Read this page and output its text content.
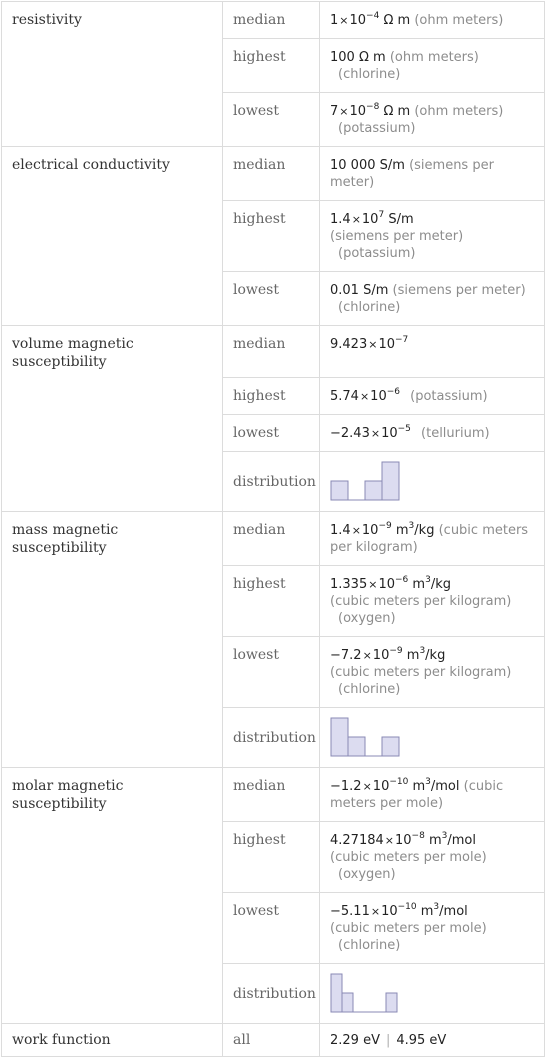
resistivity	median	$1\times 10^{-4}$ Ω m (ohm meters)
	highest	100 Ω m (ohm meters)
(chlorine)
	lowest	$7\times 10^{-8}$ Ω m (ohm meters)
(potassium)
electrical conductivity	median	10 000 S/m (siemens per meter)
	highest	$1.4\times 10^7$ S/m
(siemens per meter)
(potassium)
	lowest	0.01 S/m (siemens per meter)
(chlorine)
volume magnetic susceptibility	median	$9.423\times 10^{-7}$
	highest	$5.74\times 10^{-6}$ (potassium)
	lowest	$-2.43\times 10^{-5}$ (tellurium)
	distribution	

mass magnetic susceptibility	median	$1.4\times 10^{-9}$ $m^3/kg$ (cubic meters per kilogram)
	highest	$1.335\times 10^{-6}$ $m^3/kg$
(cubic meters per kilogram)
(oxygen)
	lowest	$-7.2\times 10^{-9}$ $m^3/kg$
(cubic meters per kilogram)
(chlorine)
	distribution	

molar magnetic susceptibility	median	$-1.2\times 10^{-10}$ $m^3$/mol (cubic meters per mole)
	highest	$4.27184\times 10^{-8}$ $m^3$/mol
(cubic meters per mole)
(oxygen)
	lowest	$-5.11\times 10^{-10}$ $m^3$/mol
(cubic meters per mole)
(chlorine)
	distribution	

work function	all	2.29 eV | 4.95 eV
